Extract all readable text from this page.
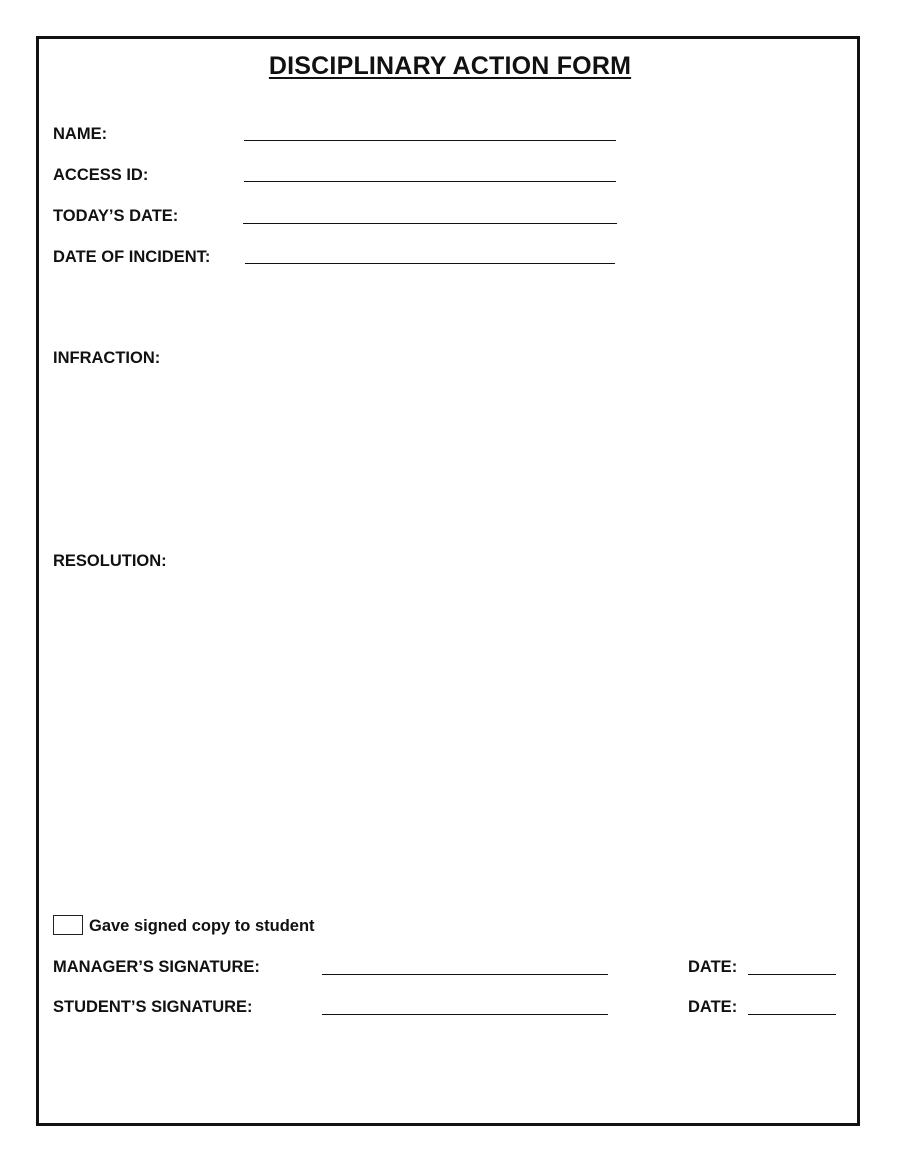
DISCIPLINARY ACTION FORM
NAME:
ACCESS ID:
TODAY’S DATE:
DATE OF INCIDENT:
INFRACTION:
RESOLUTION:
Gave signed copy to student
MANAGER’S SIGNATURE:	DATE:
STUDENT’S SIGNATURE:	DATE:
